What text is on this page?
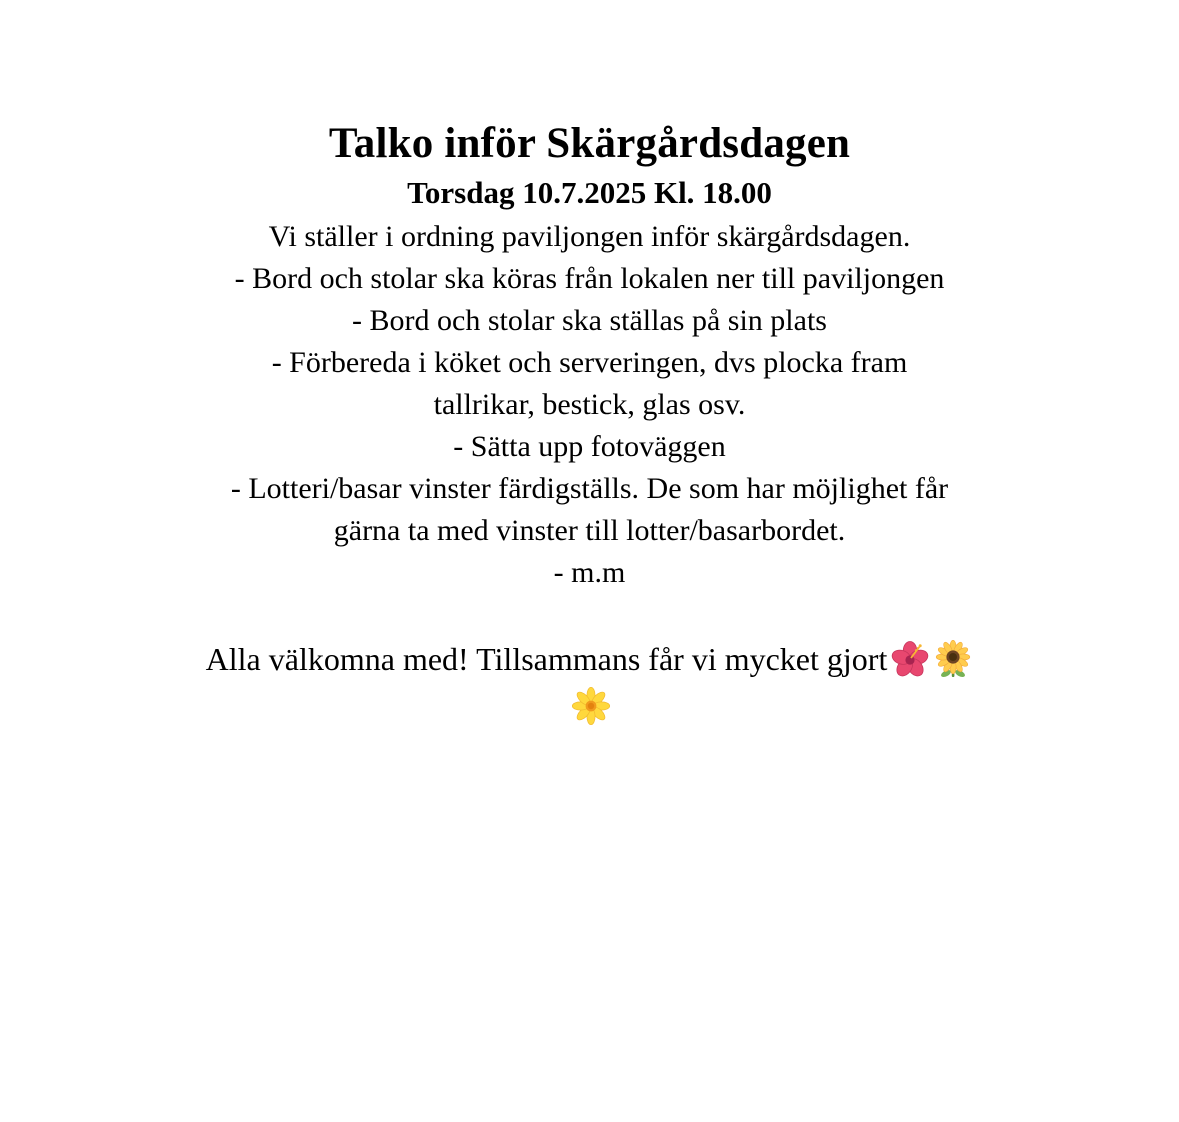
Talko inför Skärgårdsdagen
Torsdag 10.7.2025 Kl. 18.00
Vi ställer i ordning paviljongen inför skärgårdsdagen.
- Bord och stolar ska köras från lokalen ner till paviljongen
- Bord och stolar ska ställas på sin plats
- Förbereda i köket och serveringen, dvs plocka fram
tallrikar, bestick, glas osv.
- Sätta upp fotoväggen
- Lotteri/basar vinster färdigställs. De som har möjlighet får
gärna ta med vinster till lotter/basarbordet.
- m.m
Alla välkomna med! Tillsammans får vi mycket gjort
